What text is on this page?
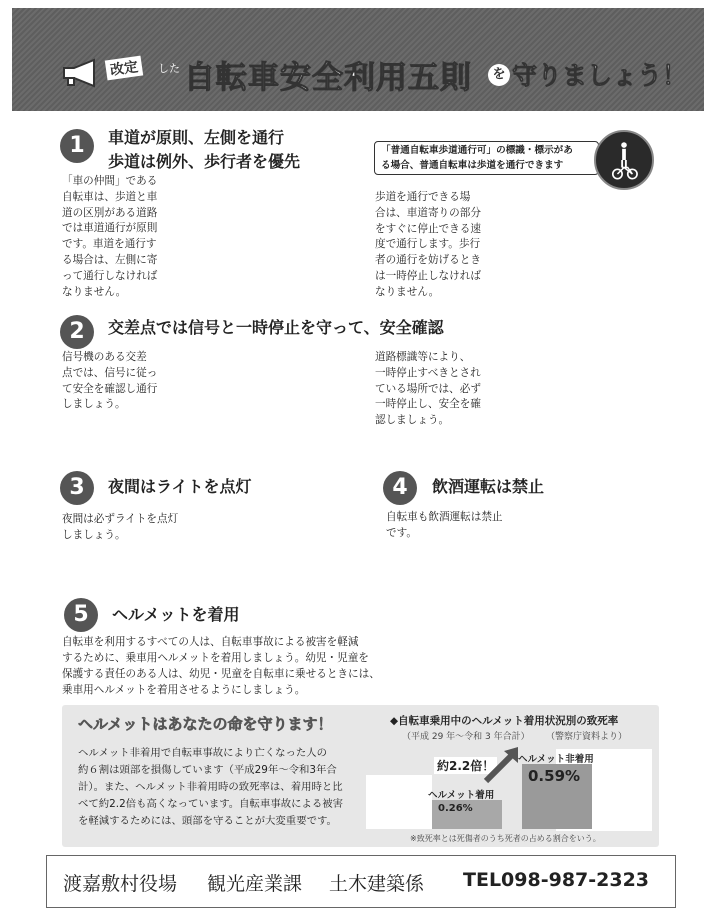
改定	した 自転車安全利用五則	を 守りましょう！
1	車道が原則、左側を通行
歩道は例外、歩行者を優先
「車の仲間」である
自転車は、歩道と車
道の区別がある道路
では車道通行が原則
です。車道を通行す
る場合は、左側に寄
って通行しなければ
なりません。
「普通自転車歩道通行可」の標識・標示があ
る場合、普通自転車は歩道を通行できます
歩道を通行できる場
合は、車道寄りの部分
をすぐに停止できる速
度で通行します。歩行
者の通行を妨げるとき
は一時停止しなければ
なりません。
2	交差点では信号と一時停止を守って、安全確認
信号機のある交差
点では、信号に従っ
て安全を確認し通行
しましょう。
道路標識等により、
一時停止すべきとされ
ている場所では、必ず
一時停止し、安全を確
認しましょう。
3	夜間はライトを点灯
夜間は必ずライトを点灯
しましょう。
4	飲酒運転は禁止
自転車も飲酒運転は禁止
です。
5	ヘルメットを着用
自転車を利用するすべての人は、自転車事故による被害を軽減
するために、乗車用ヘルメットを着用しましょう。幼児・児童を
保護する責任のある人は、幼児・児童を自転車に乗せるときには、
乗車用ヘルメットを着用させるようにしましょう。
ヘルメットはあなたの命を守ります！
ヘルメット非着用で自転車事故により亡くなった人の
約６割は頭部を損傷しています（平成29年～令和3年合
計）。また、ヘルメット非着用時の致死率は、着用時と比
べて約2.2倍も高くなっています。自転車事故による被害
を軽減するためには、頭部を守ることが大変重要です。
◆自転車乗用中のヘルメット着用状況別の致死率
（平成 29 年～令和 3 年合計） （警察庁資料より）
※致死率とは死傷者のうち死者の占める割合をいう。
ヘルメット着用
0.26%
ヘルメット非着用
0.59%
約2.2倍！
渡嘉敷村役場 観光産業課 土木建築係 TEL098-987-2323
